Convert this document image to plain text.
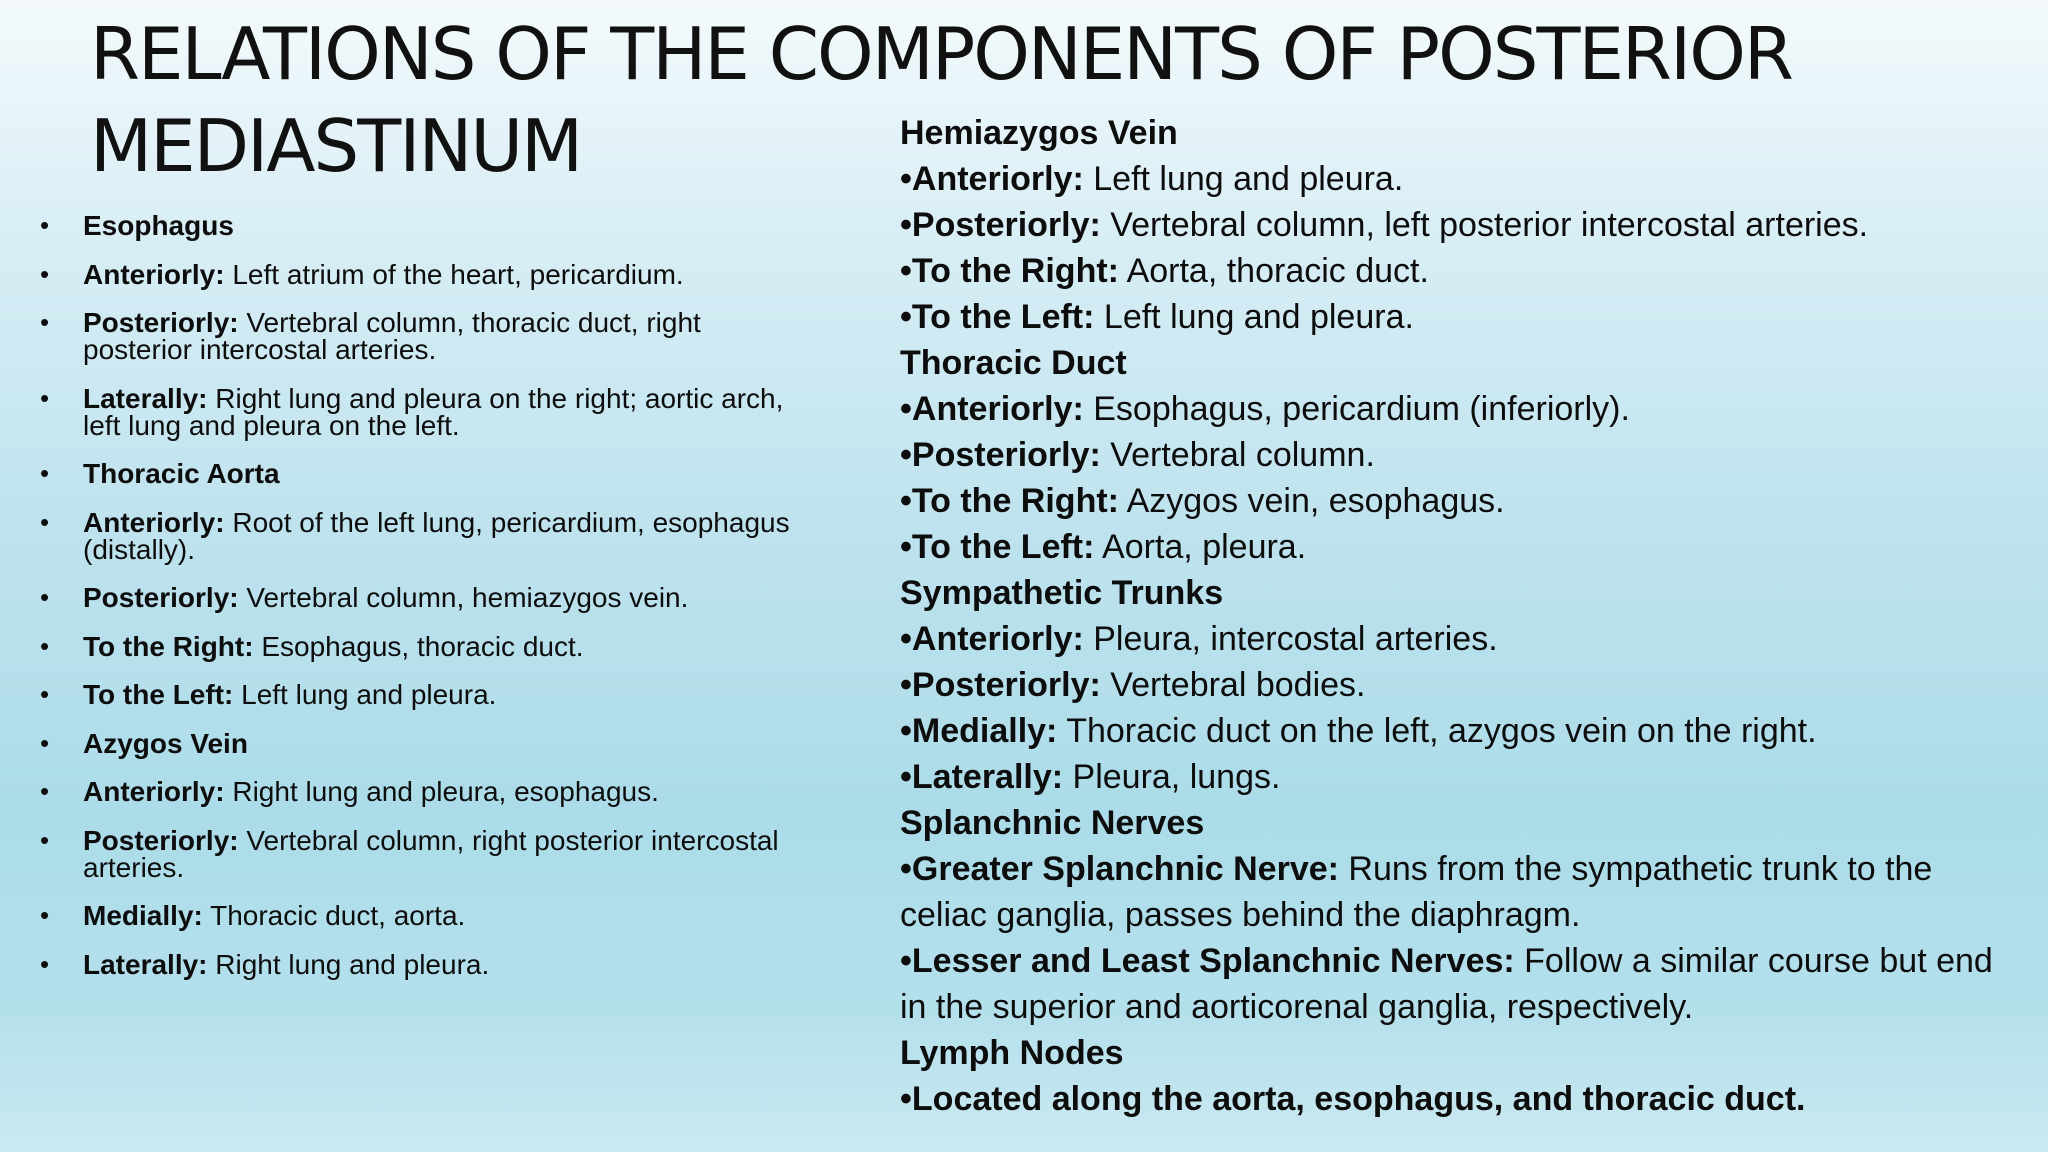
RELATIONS OF THE COMPONENTS OF POSTERIOR
MEDIASTINUM
•	Esophagus
•	Anteriorly: Left atrium of the heart, pericardium.
•	Posteriorly: Vertebral column, thoracic duct, right posterior intercostal arteries.
•	Laterally: Right lung and pleura on the right; aortic arch, left lung and pleura on the left.
•	Thoracic Aorta
•	Anteriorly: Root of the left lung, pericardium, esophagus (distally).
•	Posteriorly: Vertebral column, hemiazygos vein.
•	To the Right: Esophagus, thoracic duct.
•	To the Left: Left lung and pleura.
•	Azygos Vein
•	Anteriorly: Right lung and pleura, esophagus.
•	Posteriorly: Vertebral column, right posterior intercostal arteries.
•	Medially: Thoracic duct, aorta.
•	Laterally: Right lung and pleura.
Hemiazygos Vein
•Anteriorly: Left lung and pleura.
•Posteriorly: Vertebral column, left posterior intercostal arteries.
•To the Right: Aorta, thoracic duct.
•To the Left: Left lung and pleura.
Thoracic Duct
•Anteriorly: Esophagus, pericardium (inferiorly).
•Posteriorly: Vertebral column.
•To the Right: Azygos vein, esophagus.
•To the Left: Aorta, pleura.
Sympathetic Trunks
•Anteriorly: Pleura, intercostal arteries.
•Posteriorly: Vertebral bodies.
•Medially: Thoracic duct on the left, azygos vein on the right.
•Laterally: Pleura, lungs.
Splanchnic Nerves
•Greater Splanchnic Nerve: Runs from the sympathetic trunk to the celiac ganglia, passes behind the diaphragm.
•Lesser and Least Splanchnic Nerves: Follow a similar course but end in the superior and aorticorenal ganglia, respectively.
Lymph Nodes
•Located along the aorta, esophagus, and thoracic duct.
